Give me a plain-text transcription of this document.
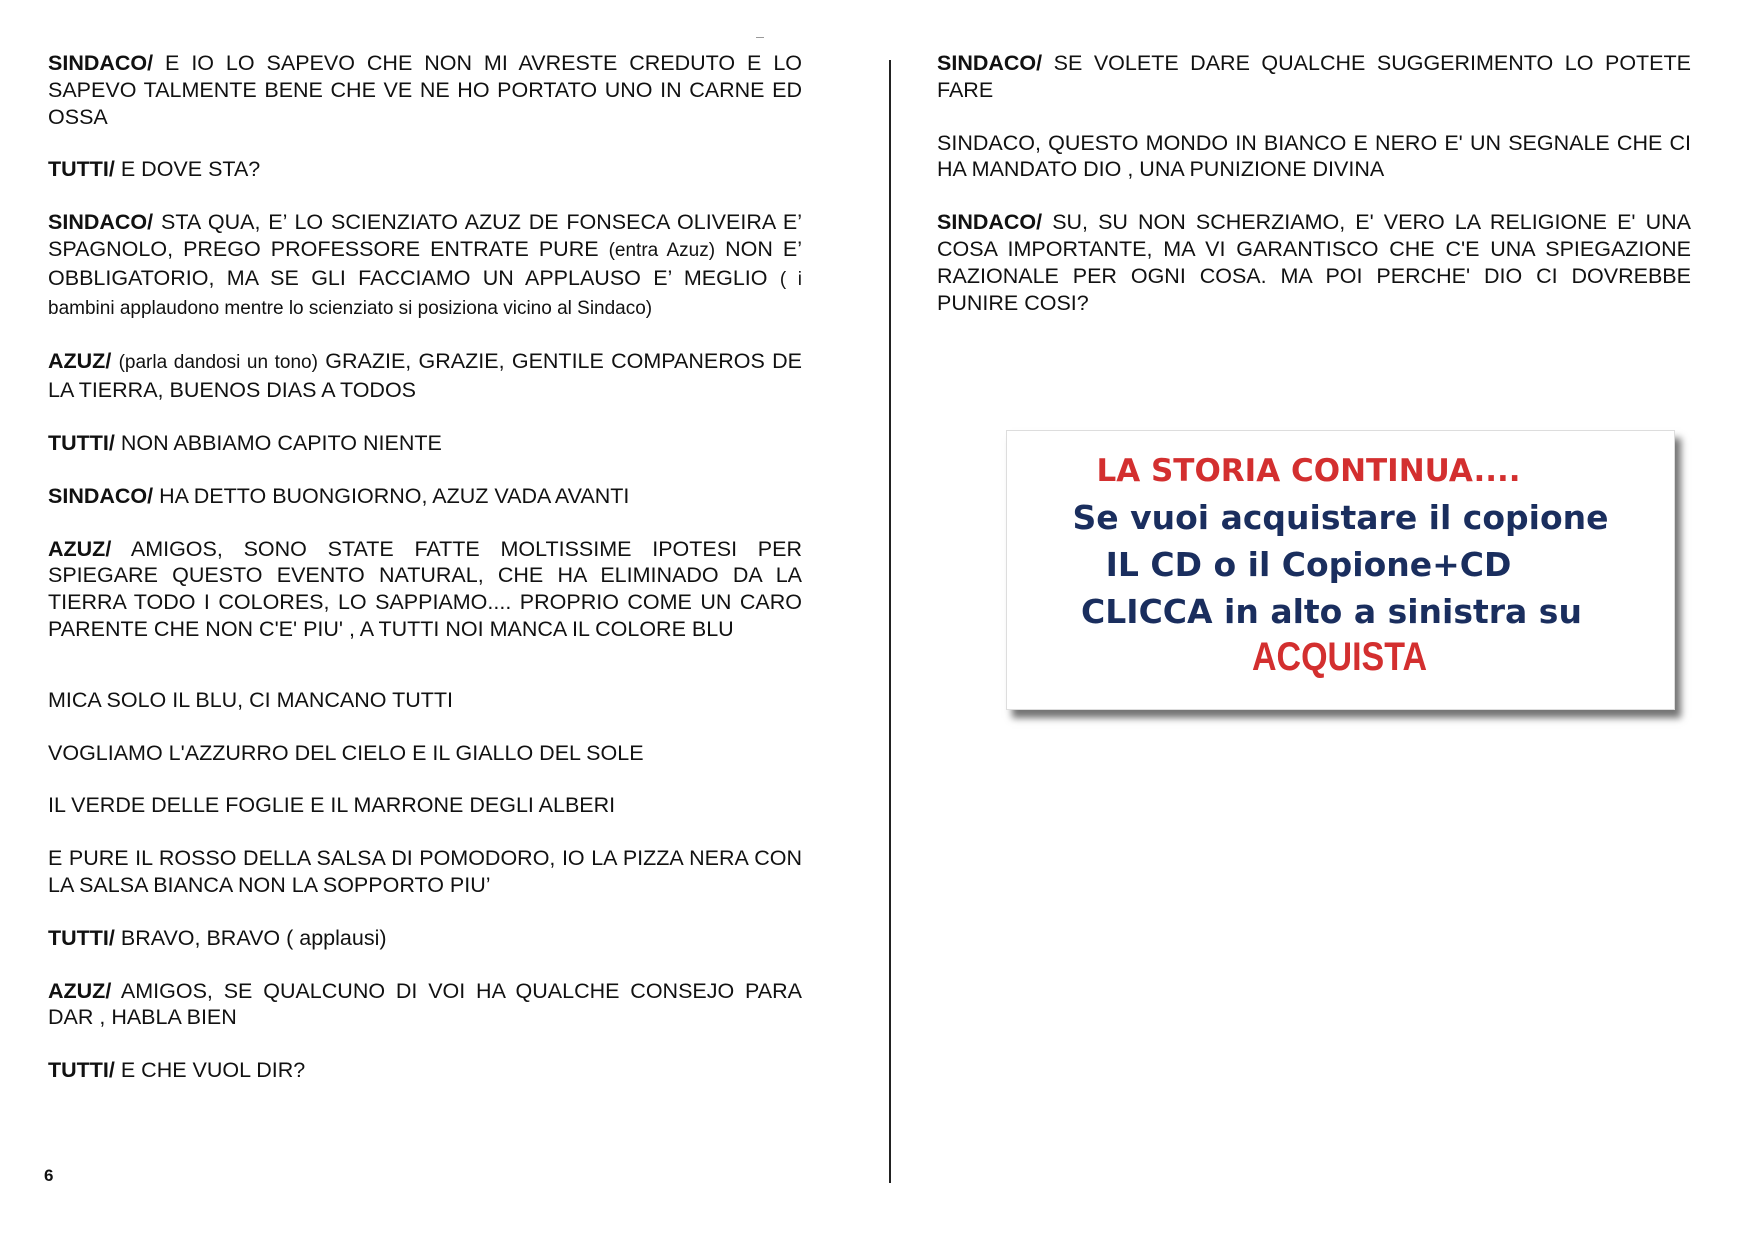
SINDACO/ E IO LO SAPEVO CHE NON MI AVRESTE CREDUTO E LO SAPEVO TALMENTE BENE CHE VE NE HO PORTATO UNO IN CARNE ED OSSA

TUTTI/ E DOVE STA?

SINDACO/ STA QUA, E’ LO SCIENZIATO AZUZ DE FONSECA OLIVEIRA E’ SPAGNOLO, PREGO PROFESSORE ENTRATE PURE (entra Azuz) NON E’ OBBLIGATORIO, MA SE GLI FACCIAMO UN APPLAUSO E’ MEGLIO ( i bambini applaudono mentre lo scienziato si posiziona vicino al Sindaco)

AZUZ/ (parla dandosi un tono) GRAZIE, GRAZIE, GENTILE COMPANEROS DE LA TIERRA, BUENOS DIAS A TODOS

TUTTI/ NON ABBIAMO CAPITO NIENTE

SINDACO/ HA DETTO BUONGIORNO, AZUZ VADA AVANTI

AZUZ/ AMIGOS, SONO STATE FATTE MOLTISSIME IPOTESI PER SPIEGARE QUESTO EVENTO NATURAL, CHE HA ELIMINADO DA LA TIERRA TODO I COLORES, LO SAPPIAMO.... PROPRIO COME UN CARO PARENTE CHE NON C'E' PIU' , A TUTTI NOI MANCA IL COLORE BLU

MICA SOLO IL BLU, CI MANCANO TUTTI

VOGLIAMO L'AZZURRO DEL CIELO E IL GIALLO DEL SOLE

IL VERDE DELLE FOGLIE E IL MARRONE DEGLI ALBERI

E PURE IL ROSSO DELLA SALSA DI POMODORO, IO LA PIZZA NERA CON LA SALSA BIANCA NON LA SOPPORTO PIU’

TUTTI/ BRAVO, BRAVO ( applausi)

AZUZ/ AMIGOS, SE QUALCUNO DI VOI HA QUALCHE CONSEJO PARA DAR , HABLA BIEN

TUTTI/ E CHE VUOL DIR?

SINDACO/ SE VOLETE DARE QUALCHE SUGGERIMENTO LO POTETE FARE

SINDACO, QUESTO MONDO IN BIANCO E NERO E' UN SEGNALE CHE CI HA MANDATO DIO , UNA PUNIZIONE DIVINA

SINDACO/ SU, SU NON SCHERZIAMO, E' VERO LA RELIGIONE E' UNA COSA IMPORTANTE, MA VI GARANTISCO CHE C'E UNA SPIEGAZIONE RAZIONALE PER OGNI COSA. MA POI PERCHE' DIO CI DOVREBBE PUNIRE COSI?

LA STORIA CONTINUA....
Se vuoi acquistare il copione
IL CD o il Copione+CD
CLICCA in alto a sinistra su
ACQUISTA
6
